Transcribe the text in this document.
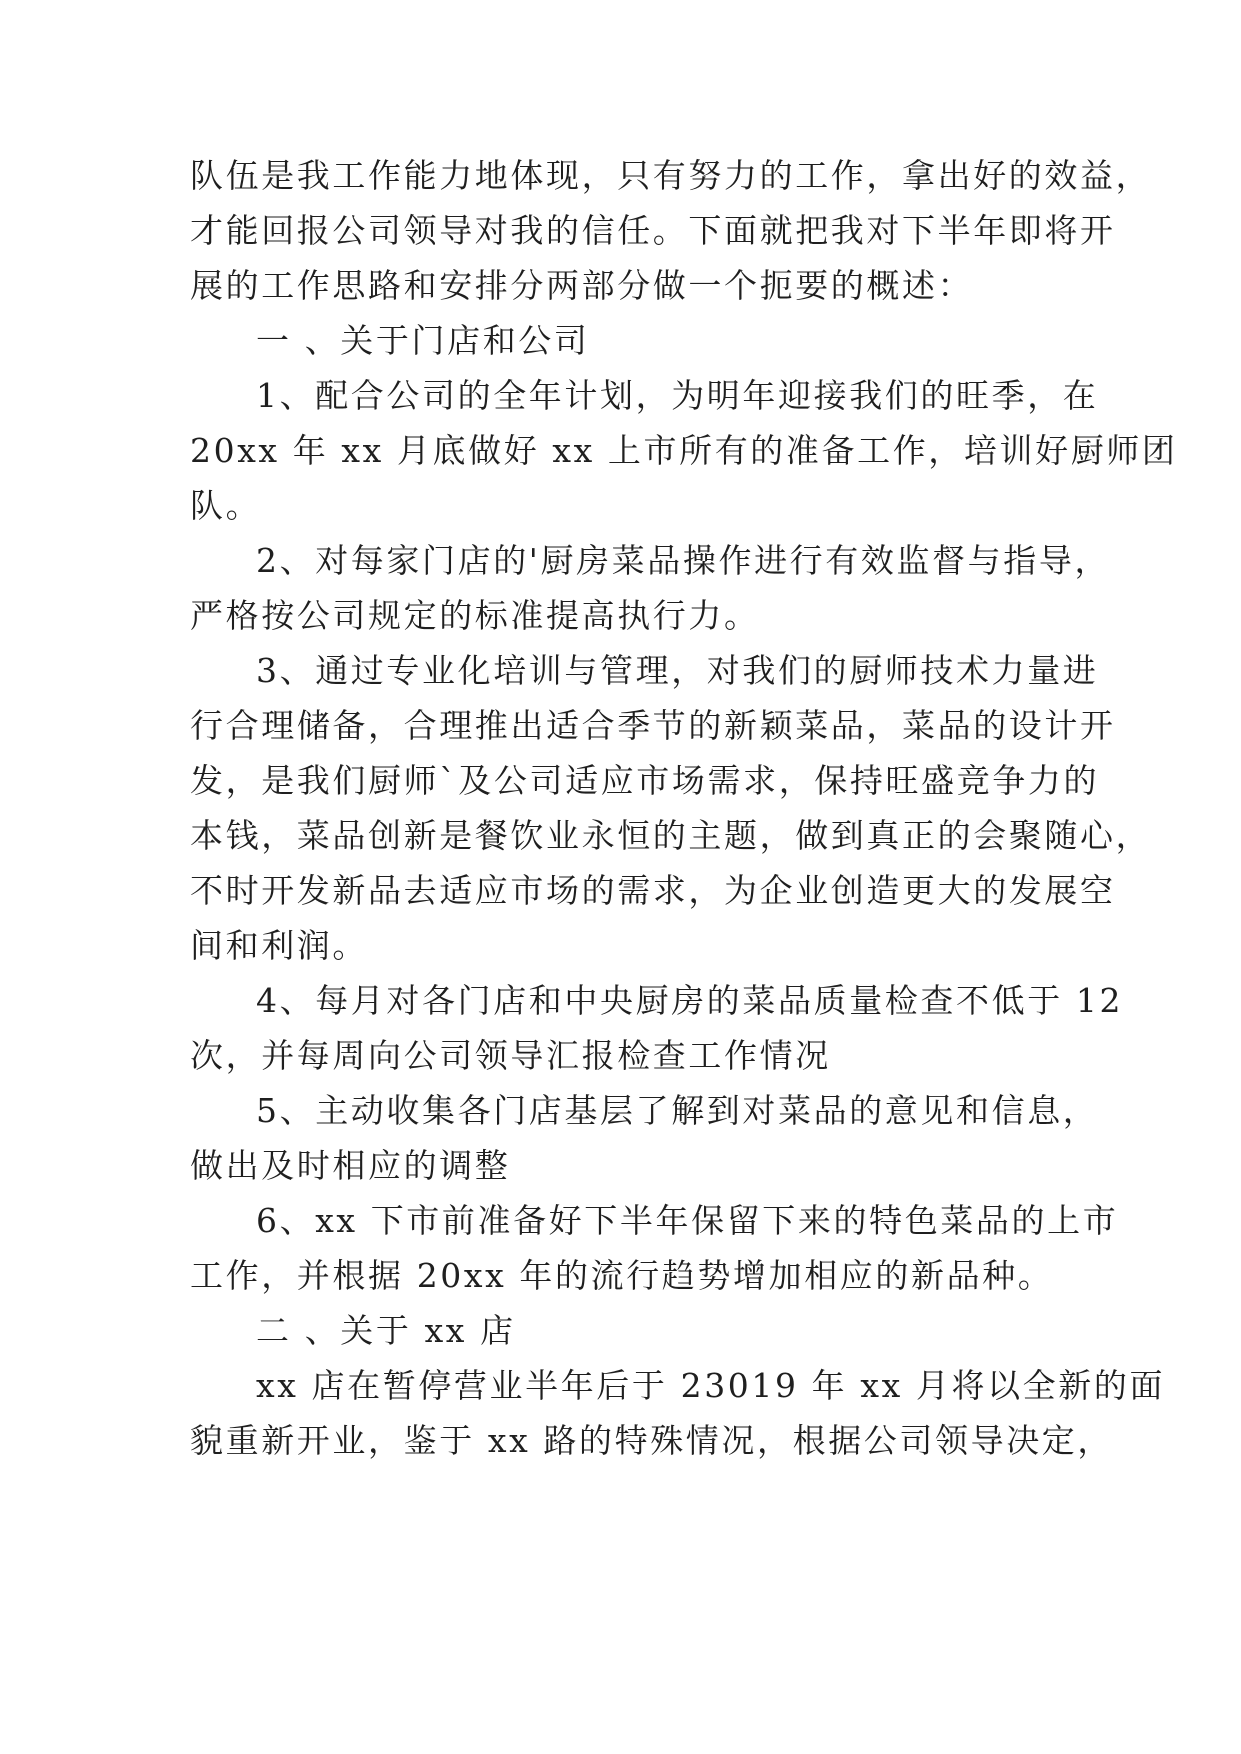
队伍是我工作能力地体现，只有努力的工作，拿出好的效益，
才能回报公司领导对我的信任。下面就把我对下半年即将开
展的工作思路和安排分两部分做一个扼要的概述：
一 、关于门店和公司
1、配合公司的全年计划，为明年迎接我们的旺季，在
20xx 年 xx 月底做好 xx 上市所有的准备工作，培训好厨师团
队。
2、对每家门店的'厨房菜品操作进行有效监督与指导，
严格按公司规定的标准提高执行力。
3、通过专业化培训与管理，对我们的厨师技术力量进
行合理储备，合理推出适合季节的新颖菜品，菜品的设计开
发，是我们厨师`及公司适应市场需求，保持旺盛竞争力的
本钱，菜品创新是餐饮业永恒的主题，做到真正的会聚随心，
不时开发新品去适应市场的需求，为企业创造更大的发展空
间和利润。
4、每月对各门店和中央厨房的菜品质量检查不低于 12
次，并每周向公司领导汇报检查工作情况
5、主动收集各门店基层了解到对菜品的意见和信息，
做出及时相应的调整
6、xx 下市前准备好下半年保留下来的特色菜品的上市
工作，并根据 20xx 年的流行趋势增加相应的新品种。
二 、关于 xx 店
xx 店在暂停营业半年后于 23019 年 xx 月将以全新的面
貌重新开业，鉴于 xx 路的特殊情况，根据公司领导决定，
